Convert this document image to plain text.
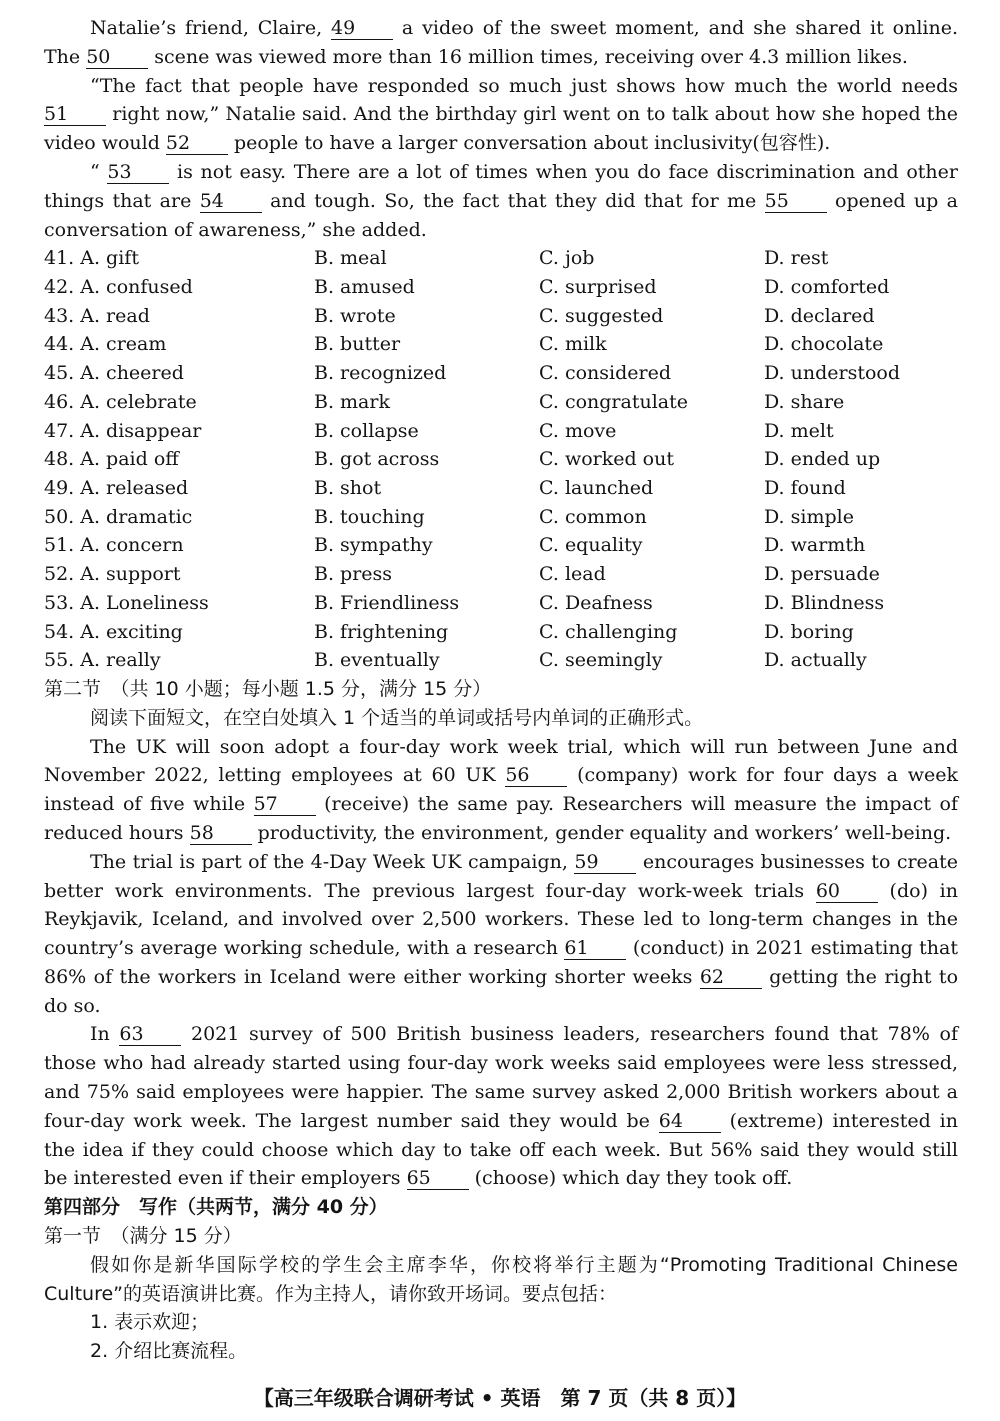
Natalie’s friend, Claire, 49 a video of the sweet moment, and she shared it online. The 50 scene was viewed more than 16 million times, receiving over 4.3 million likes.

“The fact that people have responded so much just shows how much the world needs 51 right now,” Natalie said. And the birthday girl went on to talk about how she hoped the video would 52 people to have a larger conversation about inclusivity(包容性).

“ 53 is not easy. There are a lot of times when you do face discrimination and other things that are 54 and tough. So, the fact that they did that for me 55 opened up a conversation of awareness,” she added.

41. A. gift	B. meal	C. job	D. rest
42. A. confused	B. amused	C. surprised	D. comforted
43. A. read	B. wrote	C. suggested	D. declared
44. A. cream	B. butter	C. milk	D. chocolate
45. A. cheered	B. recognized	C. considered	D. understood
46. A. celebrate	B. mark	C. congratulate	D. share
47. A. disappear	B. collapse	C. move	D. melt
48. A. paid off	B. got across	C. worked out	D. ended up
49. A. released	B. shot	C. launched	D. found
50. A. dramatic	B. touching	C. common	D. simple
51. A. concern	B. sympathy	C. equality	D. warmth
52. A. support	B. press	C. lead	D. persuade
53. A. Loneliness	B. Friendliness	C. Deafness	D. Blindness
54. A. exciting	B. frightening	C. challenging	D. boring
55. A. really	B. eventually	C. seemingly	D. actually

第二节　（共 10 小题；每小题 1.5 分，满分 15 分）

阅读下面短文，在空白处填入 1 个适当的单词或括号内单词的正确形式。

The UK will soon adopt a four-day work week trial, which will run between June and November 2022, letting employees at 60 UK 56 (company) work for four days a week instead of five while 57 (receive) the same pay. Researchers will measure the impact of reduced hours 58 productivity, the environment, gender equality and workers’ well-being.

The trial is part of the 4-Day Week UK campaign, 59 encourages businesses to create better work environments. The previous largest four-day work-week trials 60 (do) in Reykjavik, Iceland, and involved over 2,500 workers. These led to long-term changes in the country’s average working schedule, with a research 61 (conduct) in 2021 estimating that 86% of the workers in Iceland were either working shorter weeks 62 getting the right to do so.

In 63 2021 survey of 500 British business leaders, researchers found that 78% of those who had already started using four-day work weeks said employees were less stressed, and 75% said employees were happier. The same survey asked 2,000 British workers about a four-day work week. The largest number said they would be 64 (extreme) interested in the idea if they could choose which day to take off each week. But 56% said they would still be interested even if their employers 65 (choose) which day they took off.

第四部分　写作（共两节，满分 40 分）

第一节　（满分 15 分）

假如你是新华国际学校的学生会主席李华，你校将举行主题为“Promoting Traditional Chinese Culture”的英语演讲比赛。作为主持人，请你致开场词。要点包括：

1. 表示欢迎；

2. 介绍比赛流程。

【高三年级联合调研考试 • 英语　第 7 页（共 8 页）】
